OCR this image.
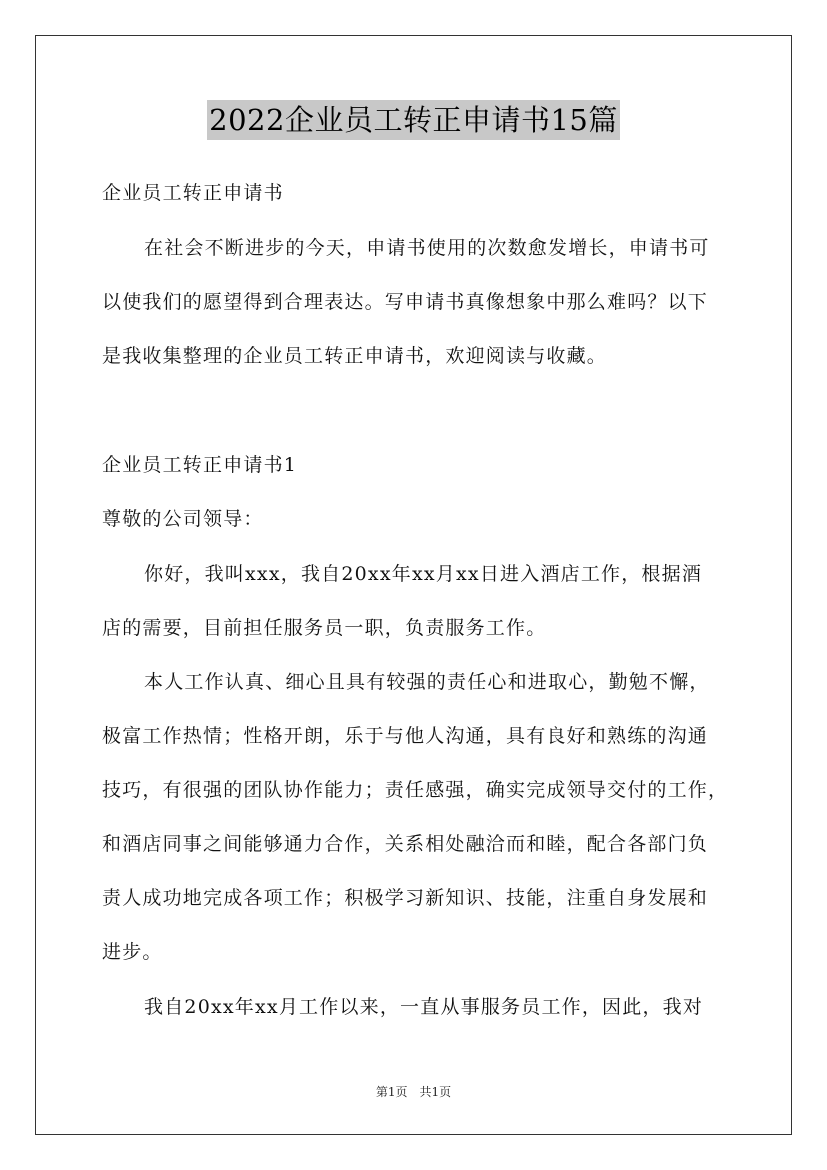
2022企业员工转正申请书15篇
企业员工转正申请书
在社会不断进步的今天，申请书使用的次数愈发增长，申请书可
以使我们的愿望得到合理表达。写申请书真像想象中那么难吗？以下
是我收集整理的企业员工转正申请书，欢迎阅读与收藏。
企业员工转正申请书1
尊敬的公司领导：
你好，我叫xxx，我自20xx年xx月xx日进入酒店工作，根据酒
店的需要，目前担任服务员一职，负责服务工作。
本人工作认真、细心且具有较强的责任心和进取心，勤勉不懈，
极富工作热情；性格开朗，乐于与他人沟通，具有良好和熟练的沟通
技巧，有很强的团队协作能力；责任感强，确实完成领导交付的工作，
和酒店同事之间能够通力合作，关系相处融洽而和睦，配合各部门负
责人成功地完成各项工作；积极学习新知识、技能，注重自身发展和
进步。
我自20xx年xx月工作以来，一直从事服务员工作，因此，我对
第1页　共1页
